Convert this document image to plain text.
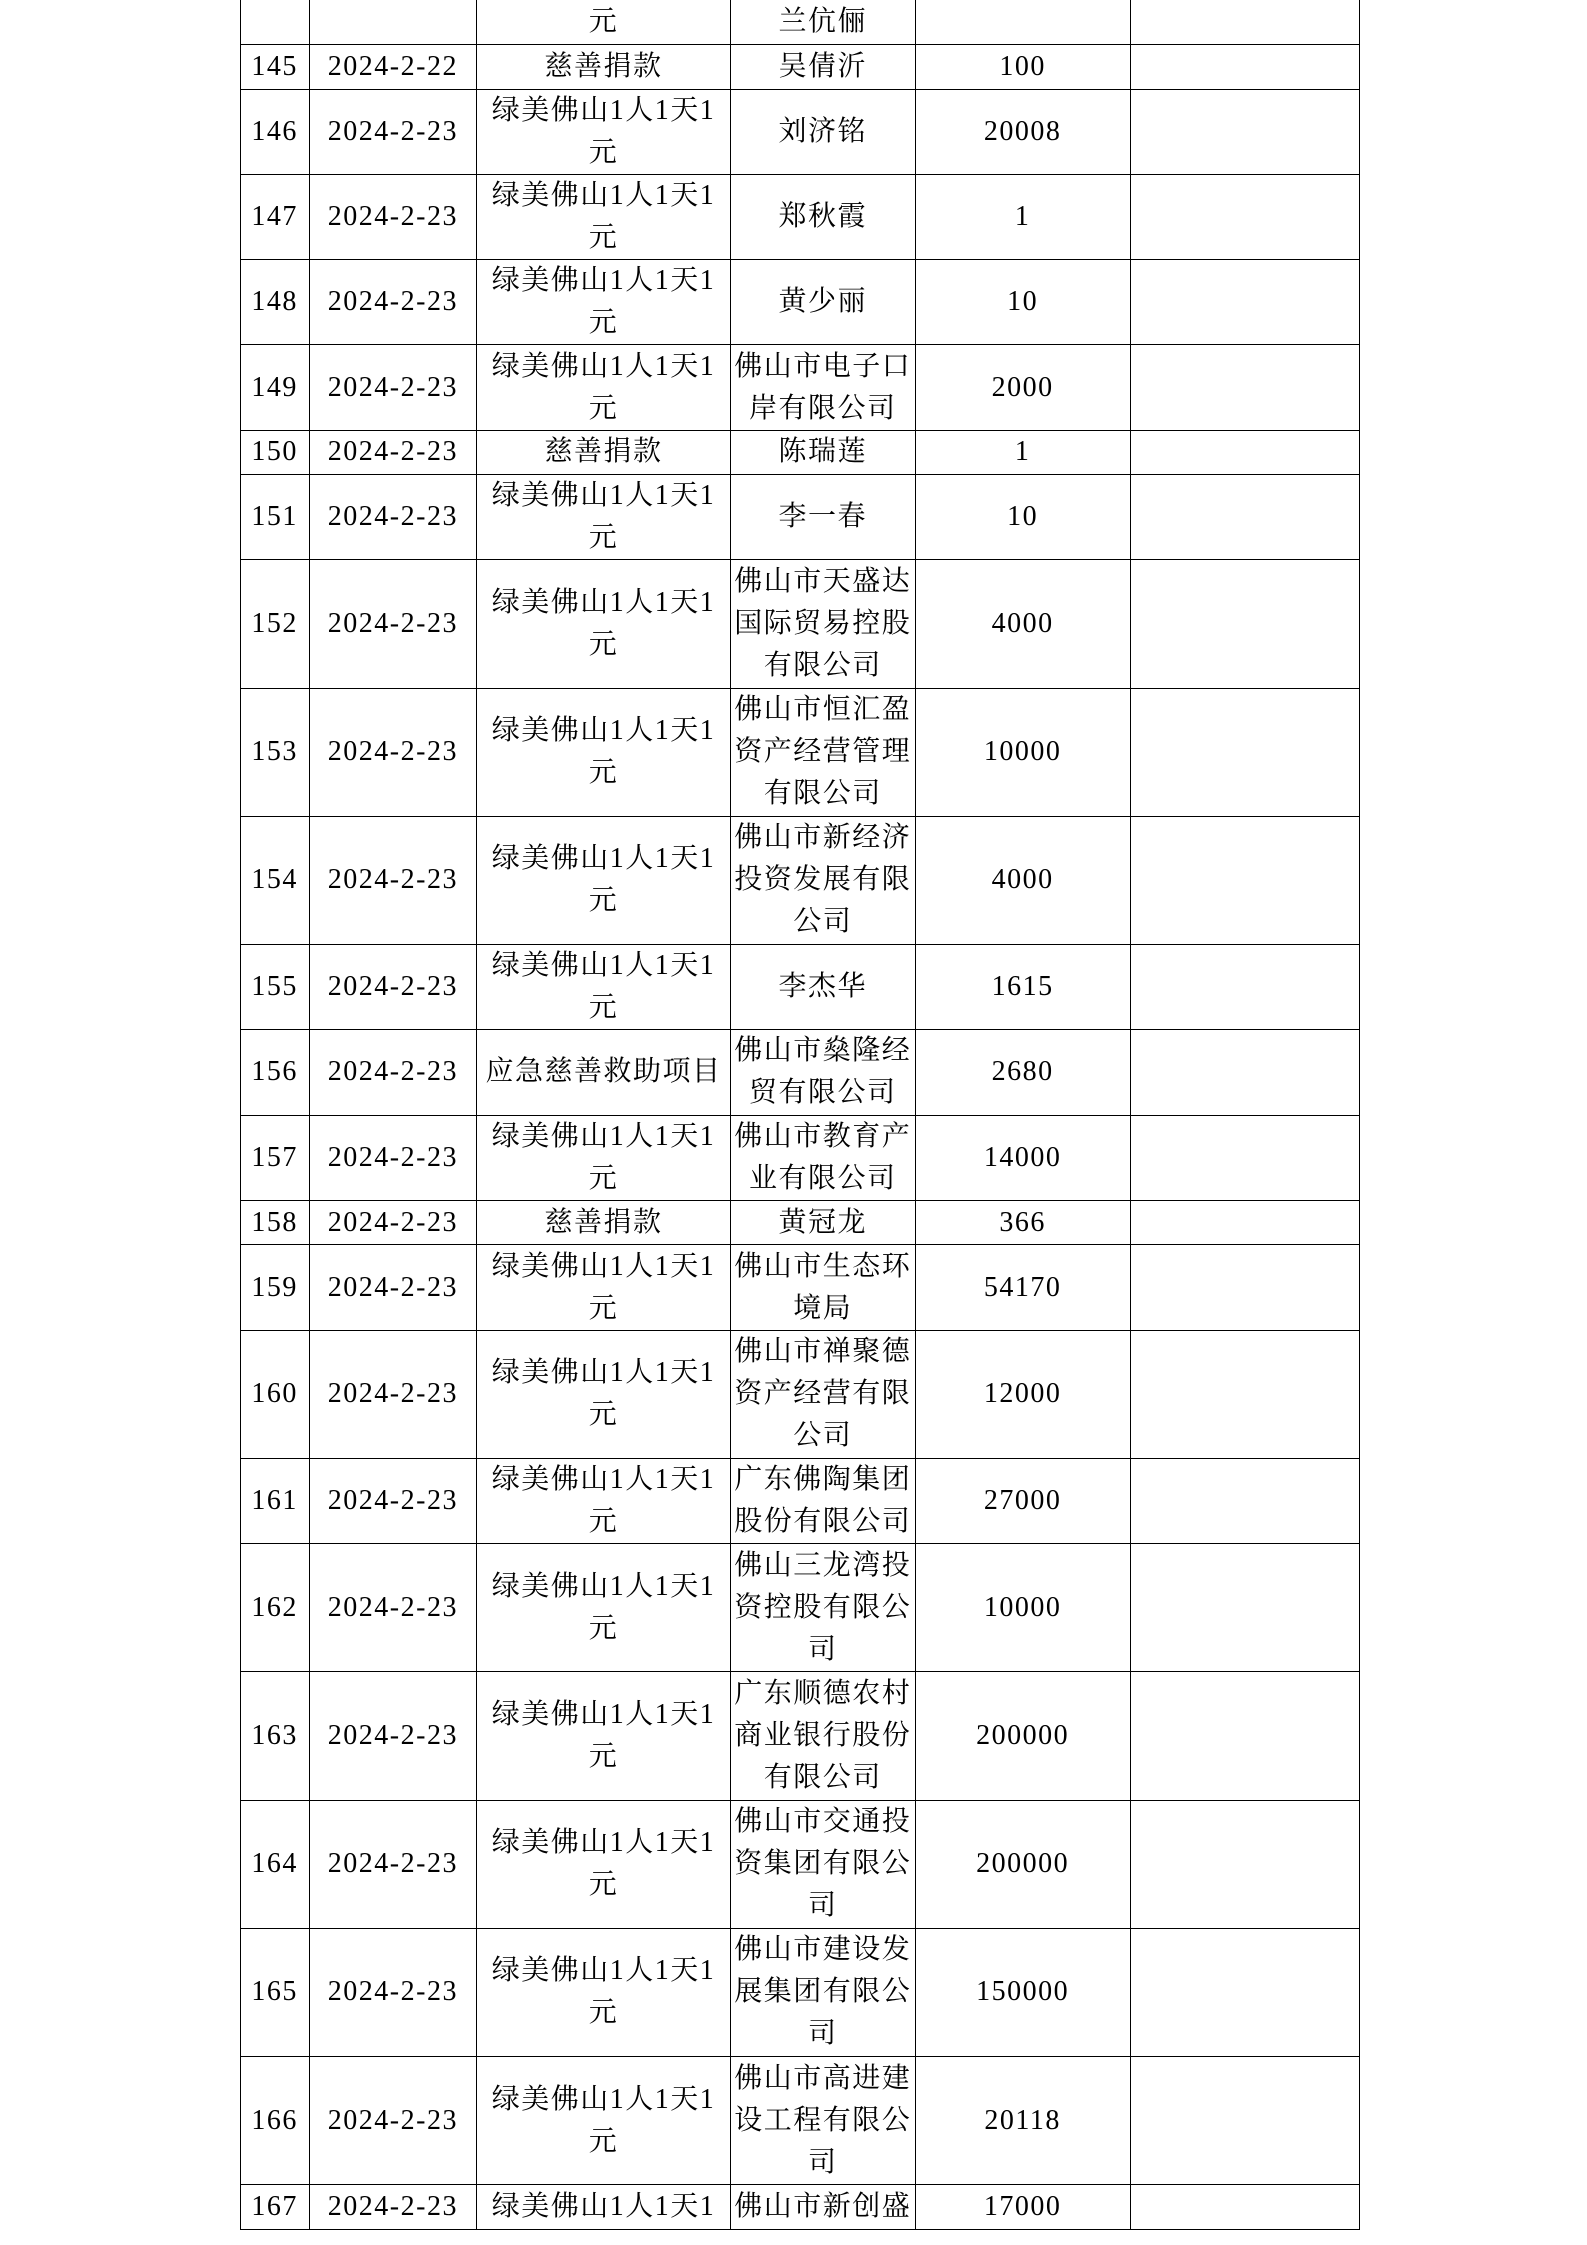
		元	兰伉俪		

145	2024-2-22	慈善捐款	吴倩沂	100	
146	2024-2-23	绿美佛山1人1天1
元	刘济铭	20008	
147	2024-2-23	绿美佛山1人1天1
元	郑秋霞	1	
148	2024-2-23	绿美佛山1人1天1
元	黄少丽	10	
149	2024-2-23	绿美佛山1人1天1
元	佛山市电子口
岸有限公司	2000	
150	2024-2-23	慈善捐款	陈瑞莲	1	
151	2024-2-23	绿美佛山1人1天1
元	李一春	10	
152	2024-2-23	绿美佛山1人1天1
元	佛山市天盛达
国际贸易控股
有限公司	4000	
153	2024-2-23	绿美佛山1人1天1
元	佛山市恒汇盈
资产经营管理
有限公司	10000	
154	2024-2-23	绿美佛山1人1天1
元	佛山市新经济
投资发展有限
公司	4000	
155	2024-2-23	绿美佛山1人1天1
元	李杰华	1615	
156	2024-2-23	应急慈善救助项目	佛山市燊隆经
贸有限公司	2680	
157	2024-2-23	绿美佛山1人1天1
元	佛山市教育产
业有限公司	14000	
158	2024-2-23	慈善捐款	黄冠龙	366	
159	2024-2-23	绿美佛山1人1天1
元	佛山市生态环
境局	54170	
160	2024-2-23	绿美佛山1人1天1
元	佛山市禅聚德
资产经营有限
公司	12000	
161	2024-2-23	绿美佛山1人1天1
元	广东佛陶集团
股份有限公司	27000	
162	2024-2-23	绿美佛山1人1天1
元	佛山三龙湾投
资控股有限公
司	10000	
163	2024-2-23	绿美佛山1人1天1
元	广东顺德农村
商业银行股份
有限公司	200000	
164	2024-2-23	绿美佛山1人1天1
元	佛山市交通投
资集团有限公
司	200000	
165	2024-2-23	绿美佛山1人1天1
元	佛山市建设发
展集团有限公
司	150000	
166	2024-2-23	绿美佛山1人1天1
元	佛山市高进建
设工程有限公
司	20118	
167	2024-2-23	绿美佛山1人1天1	佛山市新创盛	17000	
